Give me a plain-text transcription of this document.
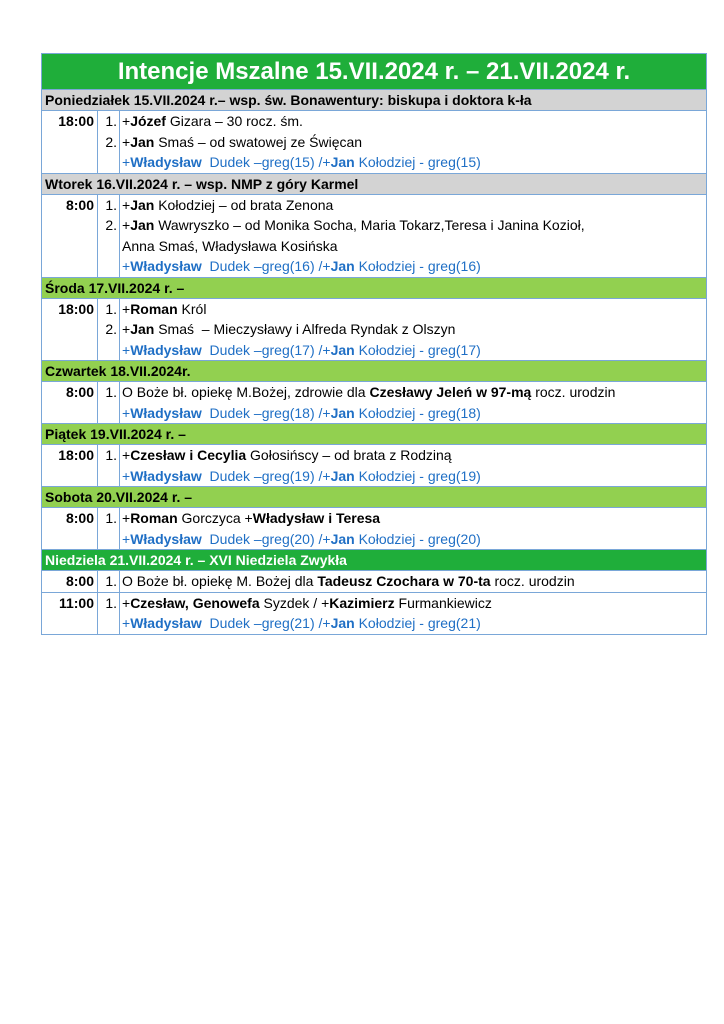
Intencje Mszalne 15.VII.2024 r. – 21.VII.2024 r.
Poniedziałek 15.VII.2024 r.– wsp. św. Bonawentury: biskupa i doktora k-ła
18:00 1. +Józef Gizara – 30 rocz. śm.
2. +Jan Smaś – od swatowej ze Święcan
+Władysław  Dudek –greg(15) /+Jan Kołodziej - greg(15)
Wtorek 16.VII.2024 r. – wsp. NMP z góry Karmel
8:00 1. +Jan Kołodziej – od brata Zenona
2. +Jan Wawryszko – od Monika Socha, Maria Tokarz,Teresa i Janina Kozioł,
Anna Smaś, Władysława Kosińska
+Władysław  Dudek –greg(16) /+Jan Kołodziej - greg(16)
Środa 17.VII.2024 r. –
18:00 1. +Roman Król
2. +Jan Smaś  – Mieczysławy i Alfreda Ryndak z Olszyn
+Władysław  Dudek –greg(17) /+Jan Kołodziej - greg(17)
Czwartek 18.VII.2024r.
8:00 1. O Boże bł. opiekę M.Bożej, zdrowie dla Czesławy Jeleń w 97-mą rocz. urodzin
+Władysław  Dudek –greg(18) /+Jan Kołodziej - greg(18)
Piątek 19.VII.2024 r. –
18:00 1. +Czesław i Cecylia Gołosińscy – od brata z Rodziną
+Władysław  Dudek –greg(19) /+Jan Kołodziej - greg(19)
Sobota 20.VII.2024 r. –
8:00 1. +Roman Gorczyca +Władysław i Teresa
+Władysław  Dudek –greg(20) /+Jan Kołodziej - greg(20)
Niedziela 21.VII.2024 r. – XVI Niedziela Zwykła
8:00 1. O Boże bł. opiekę M. Bożej dla Tadeusz Czochara w 70-ta rocz. urodzin
11:00 1. +Czesław, Genowefa Syzdek / +Kazimierz Furmankiewicz
+Władysław  Dudek –greg(21) /+Jan Kołodziej - greg(21)
